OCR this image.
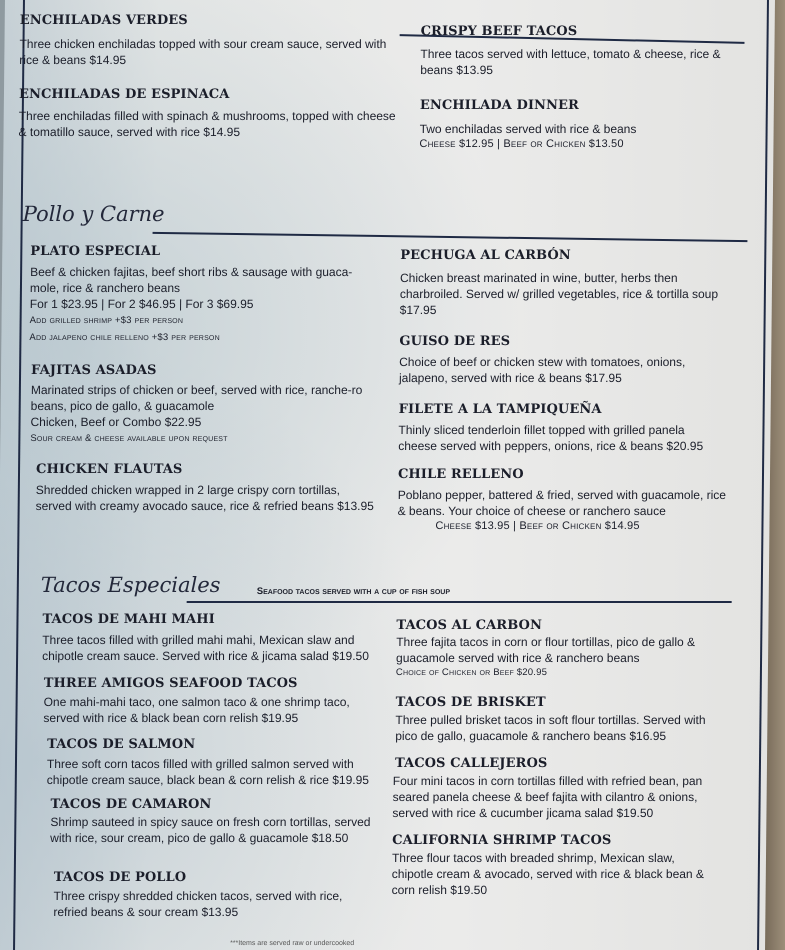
ENCHILADAS VERDES
Three chicken enchiladas topped with sour cream sauce, served with rice & beans $14.95
ENCHILADAS DE ESPINACA
Three enchiladas filled with spinach & mushrooms, topped with cheese & tomatillo sauce, served with rice $14.95
CRISPY BEEF TACOS
Three tacos served with lettuce, tomato & cheese, rice & beans $13.95
ENCHILADA DINNER
Two enchiladas served with rice & beans
Cheese $12.95 | Beef or Chicken $13.50
Pollo y Carne
PLATO ESPECIAL
Beef & chicken fajitas, beef short ribs & sausage with guaca-mole, rice & ranchero beans
For 1 $23.95 | For 2 $46.95 | For 3 $69.95
Add grilled shrimp +$3 per person
Add jalapeno chile relleno +$3 per person
FAJITAS ASADAS
Marinated strips of chicken or beef, served with rice, ranche-ro beans, pico de gallo, & guacamole
Chicken, Beef or Combo $22.95
Sour cream & cheese available upon request
CHICKEN FLAUTAS
Shredded chicken wrapped in 2 large crispy corn tortillas, served with creamy avocado sauce, rice & refried beans $13.95
PECHUGA AL CARBÓN
Chicken breast marinated in wine, butter, herbs then charbroiled. Served w/ grilled vegetables, rice & tortilla soup $17.95
GUISO DE RES
Choice of beef or chicken stew with tomatoes, onions, jalapeno, served with rice & beans $17.95
FILETE A LA TAMPIQUEÑA
Thinly sliced tenderloin fillet topped with grilled panela cheese served with peppers, onions, rice & beans $20.95
CHILE RELLENO
Poblano pepper, battered & fried, served with guacamole, rice & beans. Your choice of cheese or ranchero sauce
Cheese $13.95 | Beef or Chicken $14.95
Tacos Especiales	Seafood tacos served with a cup of fish soup
TACOS DE MAHI MAHI
Three tacos filled with grilled mahi mahi, Mexican slaw and chipotle cream sauce. Served with rice & jicama salad $19.50
THREE AMIGOS SEAFOOD TACOS
One mahi-mahi taco, one salmon taco & one shrimp taco, served with rice & black bean corn relish $19.95
TACOS DE SALMON
Three soft corn tacos filled with grilled salmon served with chipotle cream sauce, black bean & corn relish & rice $19.95
TACOS DE CAMARON
Shrimp sauteed in spicy sauce on fresh corn tortillas, served with rice, sour cream, pico de gallo & guacamole $18.50
TACOS DE POLLO
Three crispy shredded chicken tacos, served with rice, refried beans & sour cream $13.95
TACOS AL CARBON
Three fajita tacos in corn or flour tortillas, pico de gallo & guacamole served with rice & ranchero beans
Choice of Chicken or Beef $20.95
TACOS DE BRISKET
Three pulled brisket tacos in soft flour tortillas. Served with pico de gallo, guacamole & ranchero beans $16.95
TACOS CALLEJEROS
Four mini tacos in corn tortillas filled with refried bean, pan seared panela cheese & beef fajita with cilantro & onions, served with rice & cucumber jicama salad $19.50
CALIFORNIA SHRIMP TACOS
Three flour tacos with breaded shrimp, Mexican slaw, chipotle cream & avocado, served with rice & black bean & corn relish $19.50
***Items are served raw or undercooked
